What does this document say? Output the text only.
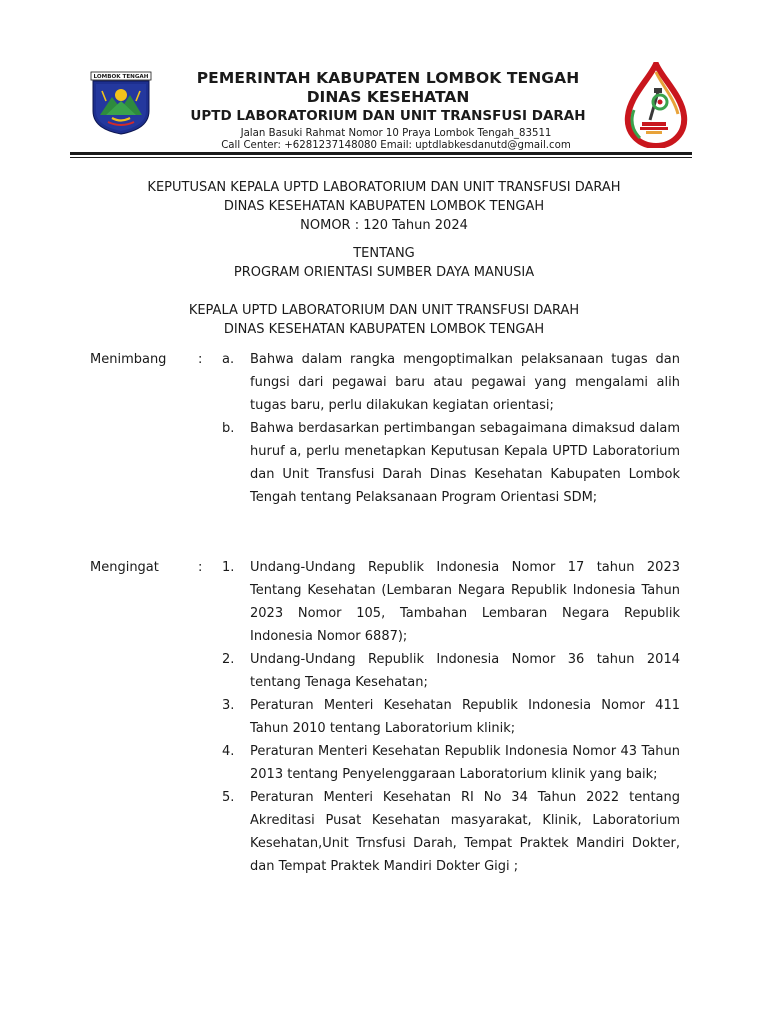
LOMBOK TENGAH	PEMERINTAH KABUPATEN LOMBOK TENGAH
DINAS KESEHATAN
UPTD LABORATORIUM DAN UNIT TRANSFUSI DARAH
Jalan Basuki Rahmat Nomor 10 Praya Lombok Tengah_83511
Call Center: +6281237148080 Email: uptdlabkesdanutd@gmail.com
KEPUTUSAN KEPALA UPTD LABORATORIUM DAN UNIT TRANSFUSI DARAH
DINAS KESEHATAN KABUPATEN LOMBOK TENGAH
NOMOR : 120 Tahun 2024
TENTANG
PROGRAM ORIENTASI SUMBER DAYA MANUSIA
KEPALA UPTD LABORATORIUM DAN UNIT TRANSFUSI DARAH
DINAS KESEHATAN KABUPATEN LOMBOK TENGAH
Menimbang : a. Bahwa dalam rangka mengoptimalkan pelaksanaan tugas dan fungsi dari pegawai baru atau pegawai yang mengalami alih tugas baru, perlu dilakukan kegiatan orientasi;
b. Bahwa berdasarkan pertimbangan sebagaimana dimaksud dalam huruf a, perlu menetapkan Keputusan Kepala UPTD Laboratorium dan Unit Transfusi Darah Dinas Kesehatan Kabupaten Lombok Tengah tentang Pelaksanaan Program Orientasi SDM;
Mengingat	: 1. Undang-Undang Republik Indonesia Nomor 17 tahun 2023 Tentang Kesehatan (Lembaran Negara Republik Indonesia Tahun 2023 Nomor 105, Tambahan Lembaran Negara Republik Indonesia Nomor 6887);
2. Undang-Undang Republik Indonesia Nomor 36 tahun 2014 tentang Tenaga Kesehatan;
3. Peraturan Menteri Kesehatan Republik Indonesia Nomor 411 Tahun 2010 tentang Laboratorium klinik;
4. Peraturan Menteri Kesehatan Republik Indonesia Nomor 43 Tahun 2013 tentang Penyelenggaraan Laboratorium klinik yang baik;
5. Peraturan Menteri Kesehatan RI No 34 Tahun 2022 tentang Akreditasi Pusat Kesehatan masyarakat, Klinik, Laboratorium Kesehatan,Unit Trnsfusi Darah, Tempat Praktek Mandiri Dokter, dan Tempat Praktek Mandiri Dokter Gigi ;
